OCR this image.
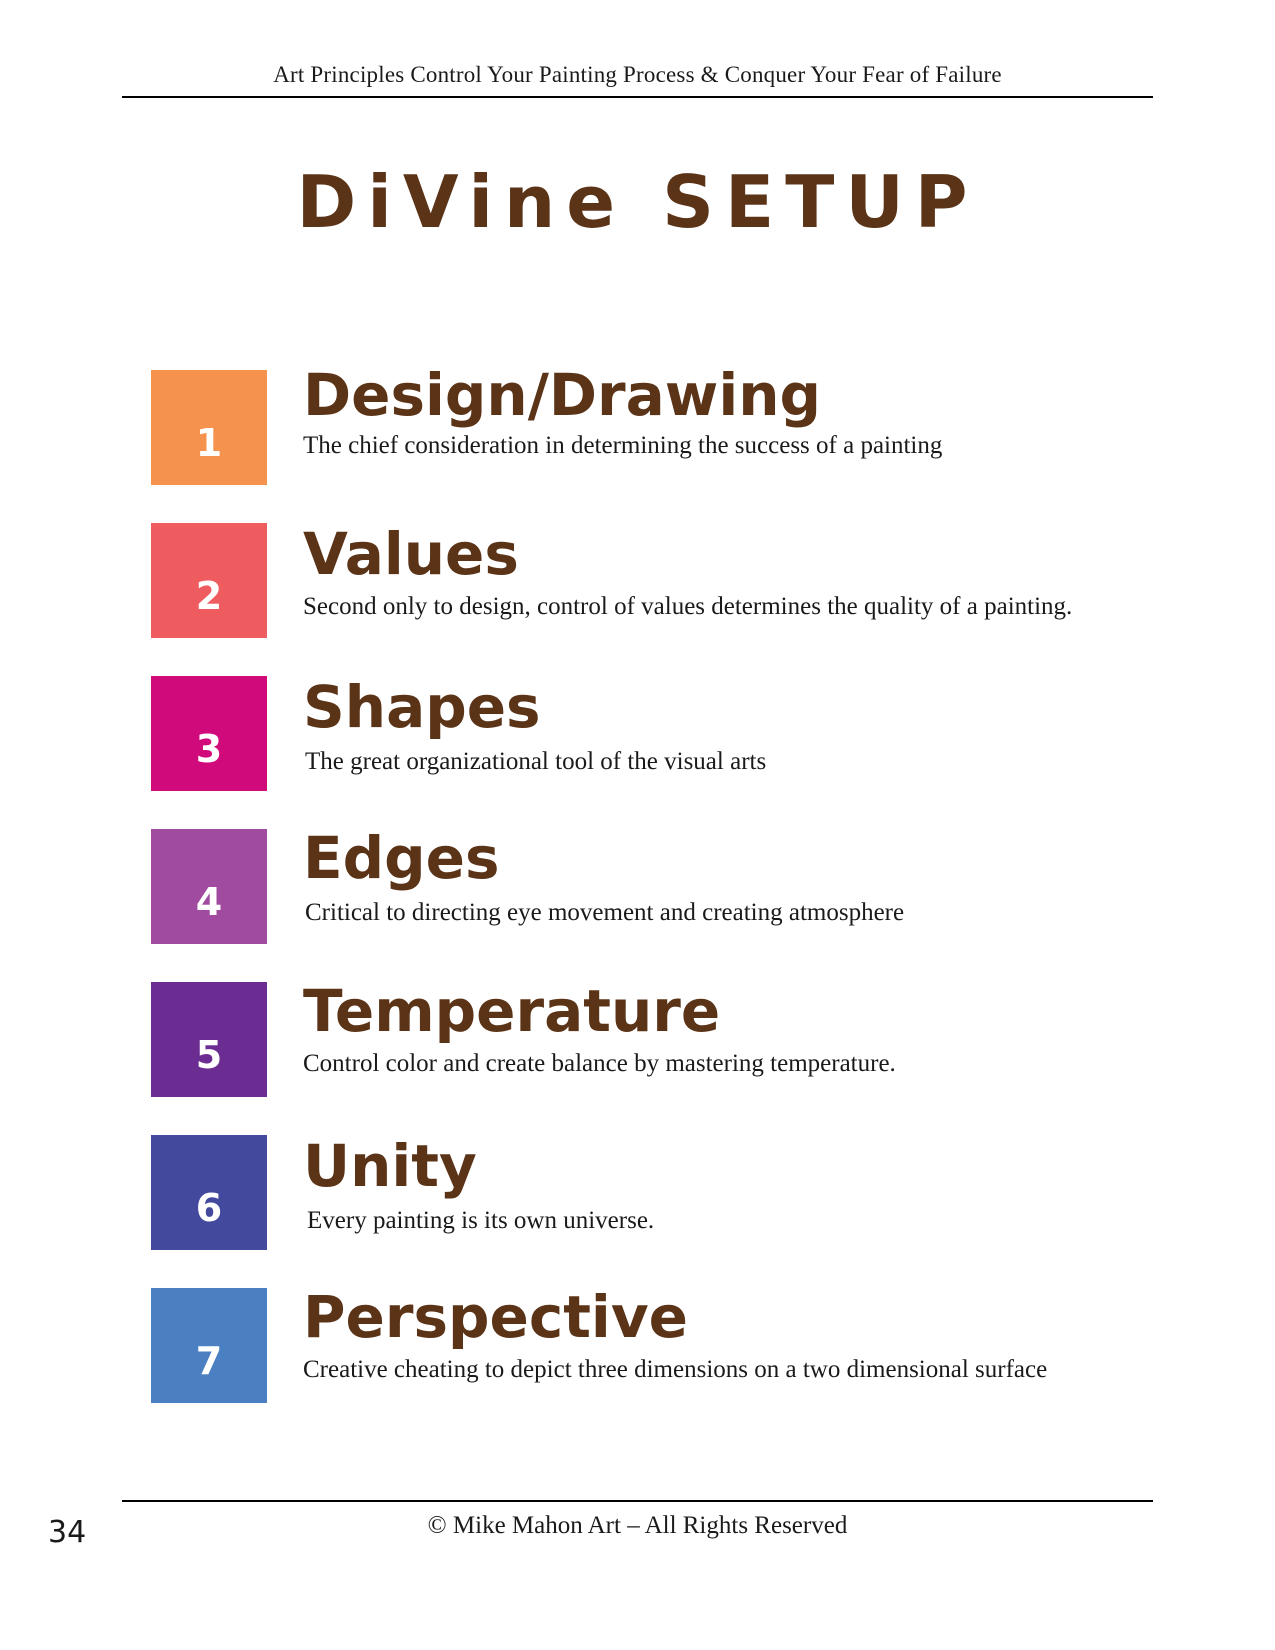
Art Principles Control Your Painting Process & Conquer Your Fear of Failure
DiVine SETUP
1
Design/Drawing
The chief consideration in determining the success of a painting
2
Values
Second only to design, control of values determines the quality of a painting.
3
Shapes
The great organizational tool of the visual arts
4
Edges
Critical to directing eye movement and creating atmosphere
5
Temperature
Control color and create balance by mastering temperature.
6
Unity
Every painting is its own universe.
7
Perspective
Creative cheating to depict three dimensions on a two dimensional surface
© Mike Mahon Art – All Rights Reserved
34
